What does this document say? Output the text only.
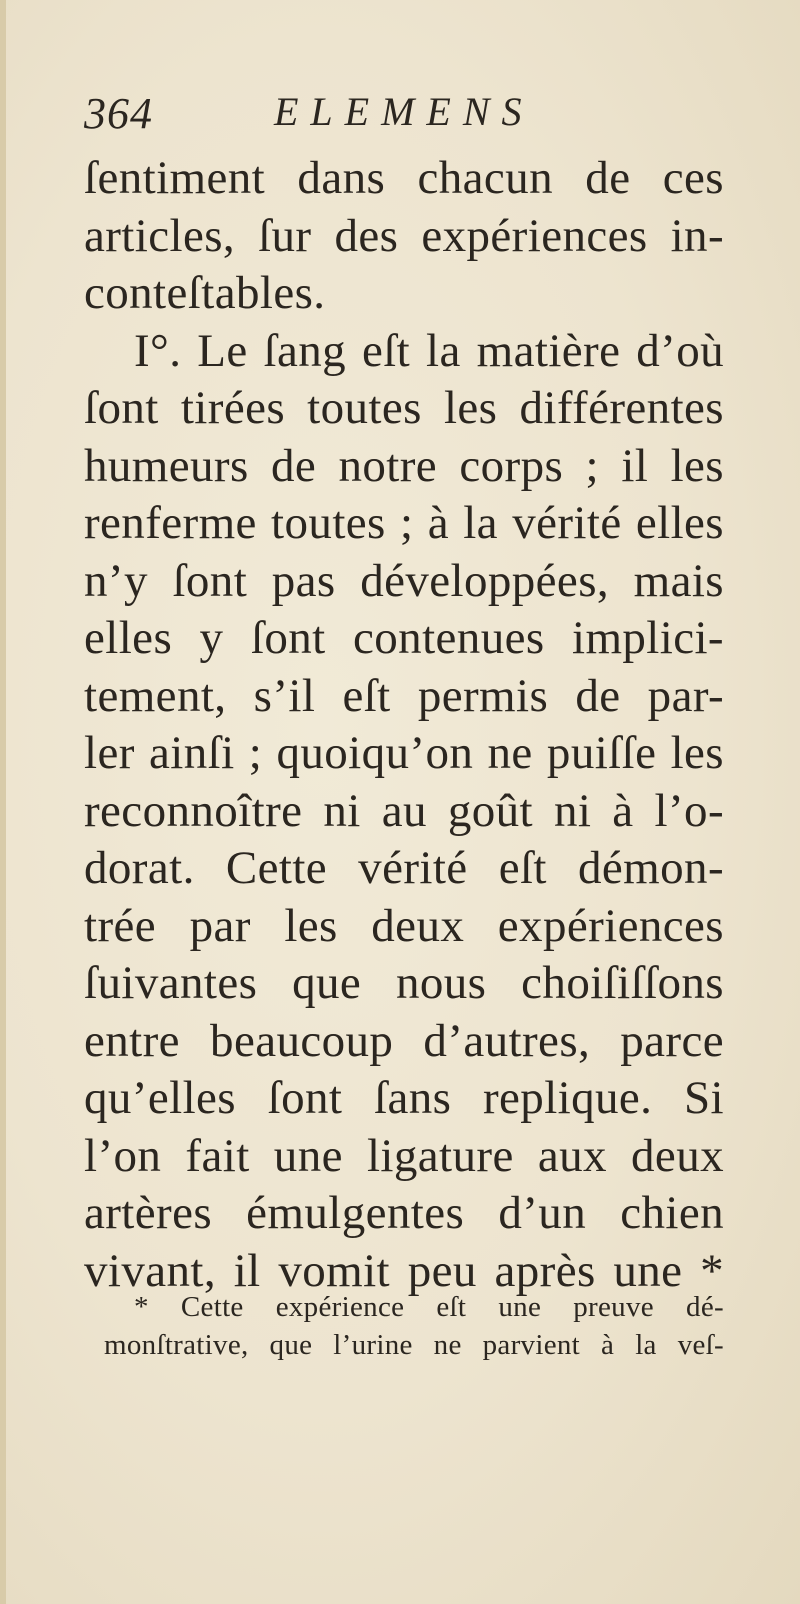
364	ELEMENS
ſentiment dans chacun de ces
articles, ſur des expériences in-
conteſtables.
I°. Le ſang eſt la matière d’où
ſont tirées toutes les différentes
humeurs de notre corps ; il les
renferme toutes ; à la vérité elles
n’y ſont pas développées, mais
elles y ſont contenues implici-
tement, s’il eſt permis de par-
ler ainſi ; quoiqu’on ne puiſſe les
reconnoître ni au goût ni à l’o-
dorat. Cette vérité eſt démon-
trée par les deux expériences
ſuivantes que nous choiſiſſons
entre beaucoup d’autres, parce
qu’elles ſont ſans replique. Si
l’on fait une ligature aux deux
artères émulgentes d’un chien
vivant, il vomit peu après une *
* Cette expérience eſt une preuve dé-
monſtrative, que l’urine ne parvient à la veſ-
